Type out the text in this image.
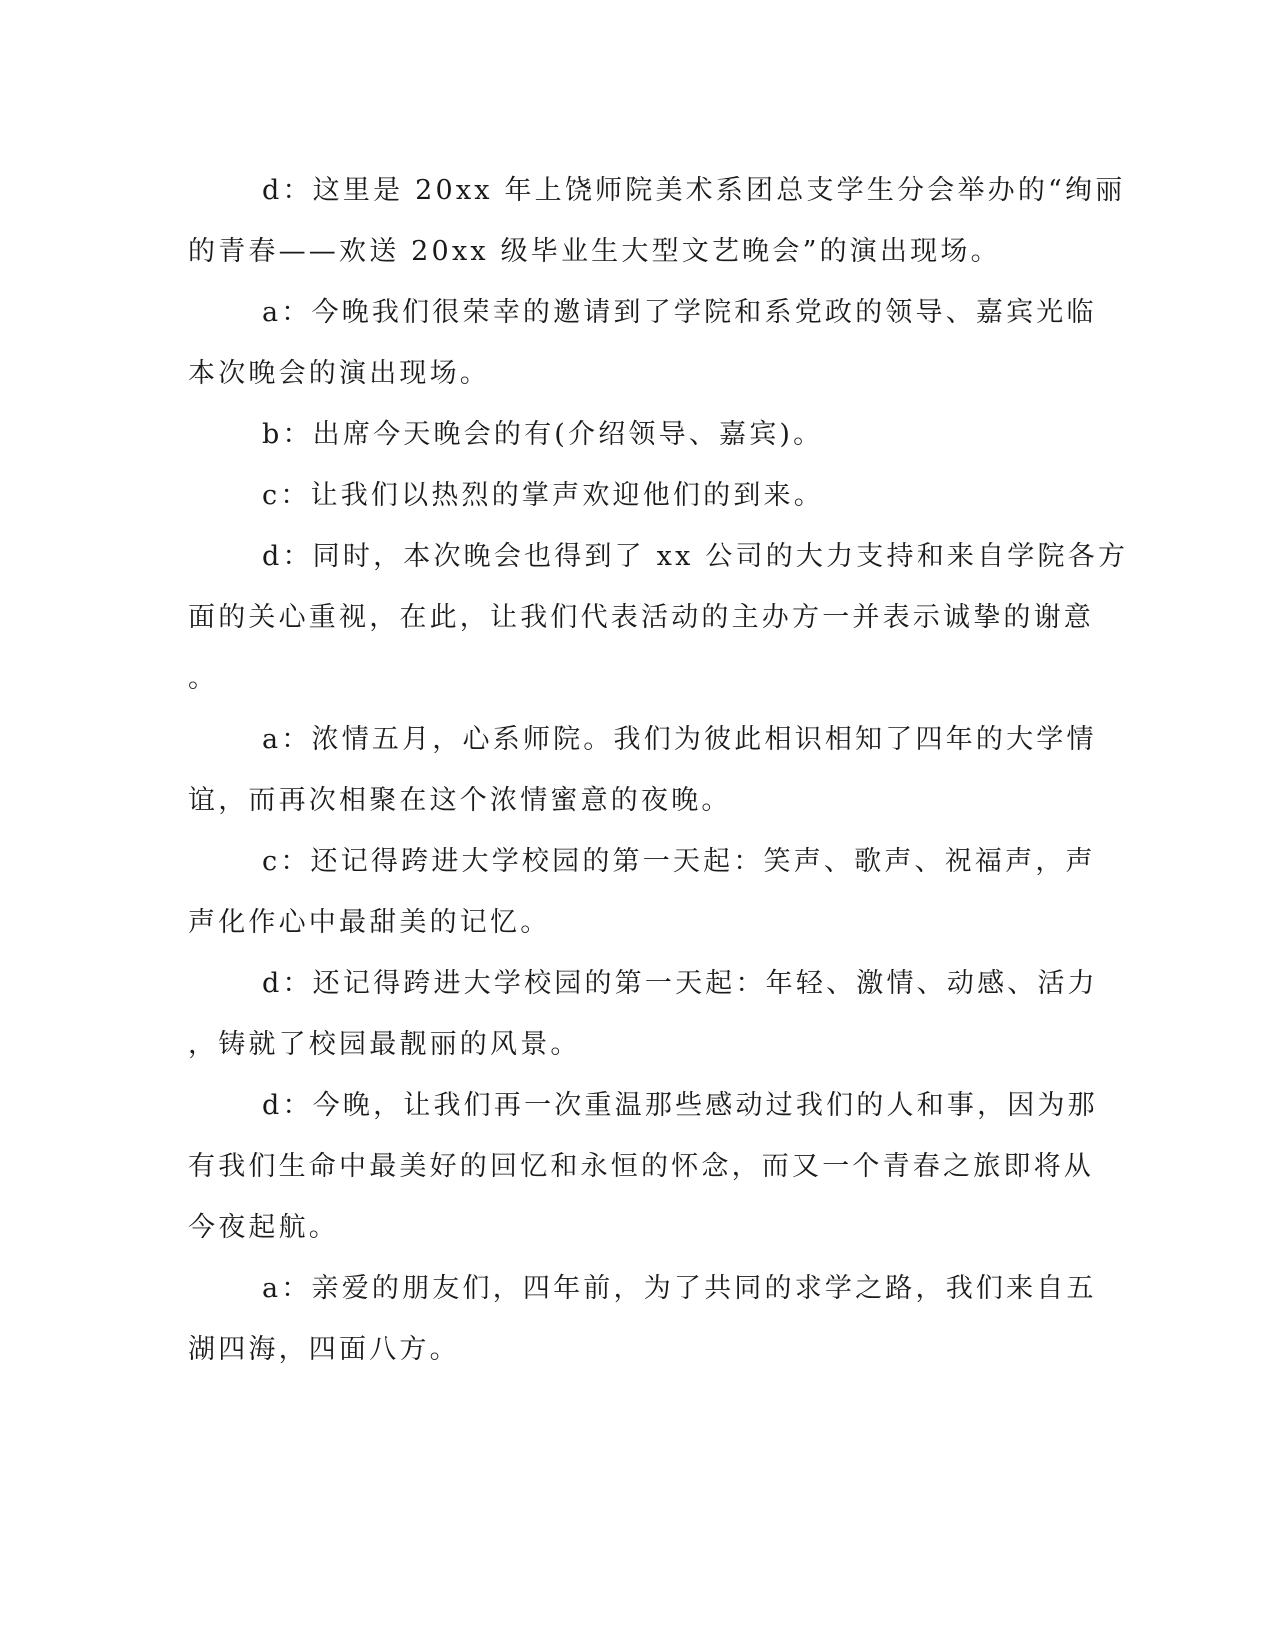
d：这里是 20xx 年上饶师院美术系团总支学生分会举办的“绚丽
的青春——欢送 20xx 级毕业生大型文艺晚会”的演出现场。
a：今晚我们很荣幸的邀请到了学院和系党政的领导、嘉宾光临
本次晚会的演出现场。
b：出席今天晚会的有(介绍领导、嘉宾)。
c：让我们以热烈的掌声欢迎他们的到来。
d：同时，本次晚会也得到了 xx 公司的大力支持和来自学院各方
面的关心重视，在此，让我们代表活动的主办方一并表示诚挚的谢意
。
a：浓情五月，心系师院。我们为彼此相识相知了四年的大学情
谊，而再次相聚在这个浓情蜜意的夜晚。
c：还记得跨进大学校园的第一天起：笑声、歌声、祝福声，声
声化作心中最甜美的记忆。
d：还记得跨进大学校园的第一天起：年轻、激情、动感、活力
，铸就了校园最靓丽的风景。
d：今晚，让我们再一次重温那些感动过我们的人和事，因为那
有我们生命中最美好的回忆和永恒的怀念，而又一个青春之旅即将从
今夜起航。
a：亲爱的朋友们，四年前，为了共同的求学之路，我们来自五
湖四海，四面八方。
